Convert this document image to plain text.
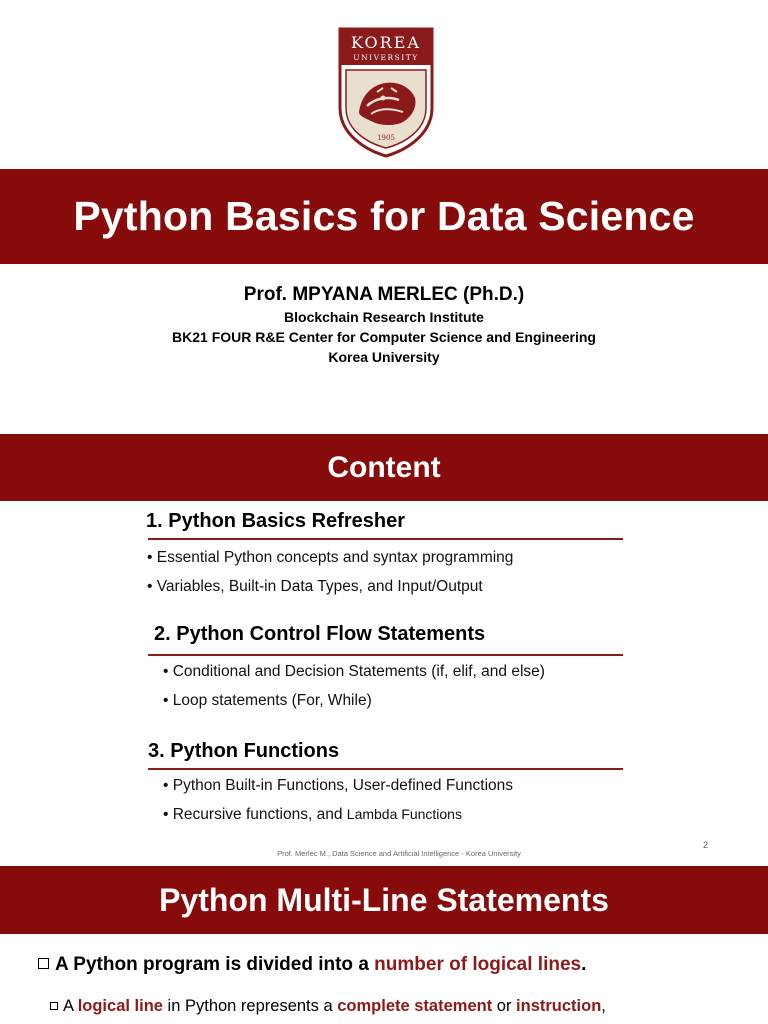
KOREA
UNIVERSITY
1905
Python Basics for Data Science
Prof. MPYANA MERLEC (Ph.D.)
Blockchain Research Institute
BK21 FOUR R&E Center for Computer Science and Engineering
Korea University
Content
1. Python Basics Refresher
• Essential Python concepts and syntax programming
• Variables, Built-in Data Types, and Input/Output
2. Python Control Flow Statements
• Conditional and Decision Statements (if, elif, and else)
• Loop statements (For, While)
3. Python Functions
• Python Built-in Functions, User-defined Functions
• Recursive functions, and Lambda Functions
Prof. Merlec M., Data Science and Artificial Intelligence - Korea University
2
Python Multi-Line Statements
A Python program is divided into a number of logical lines.
A logical line in Python represents a complete statement or instruction,
